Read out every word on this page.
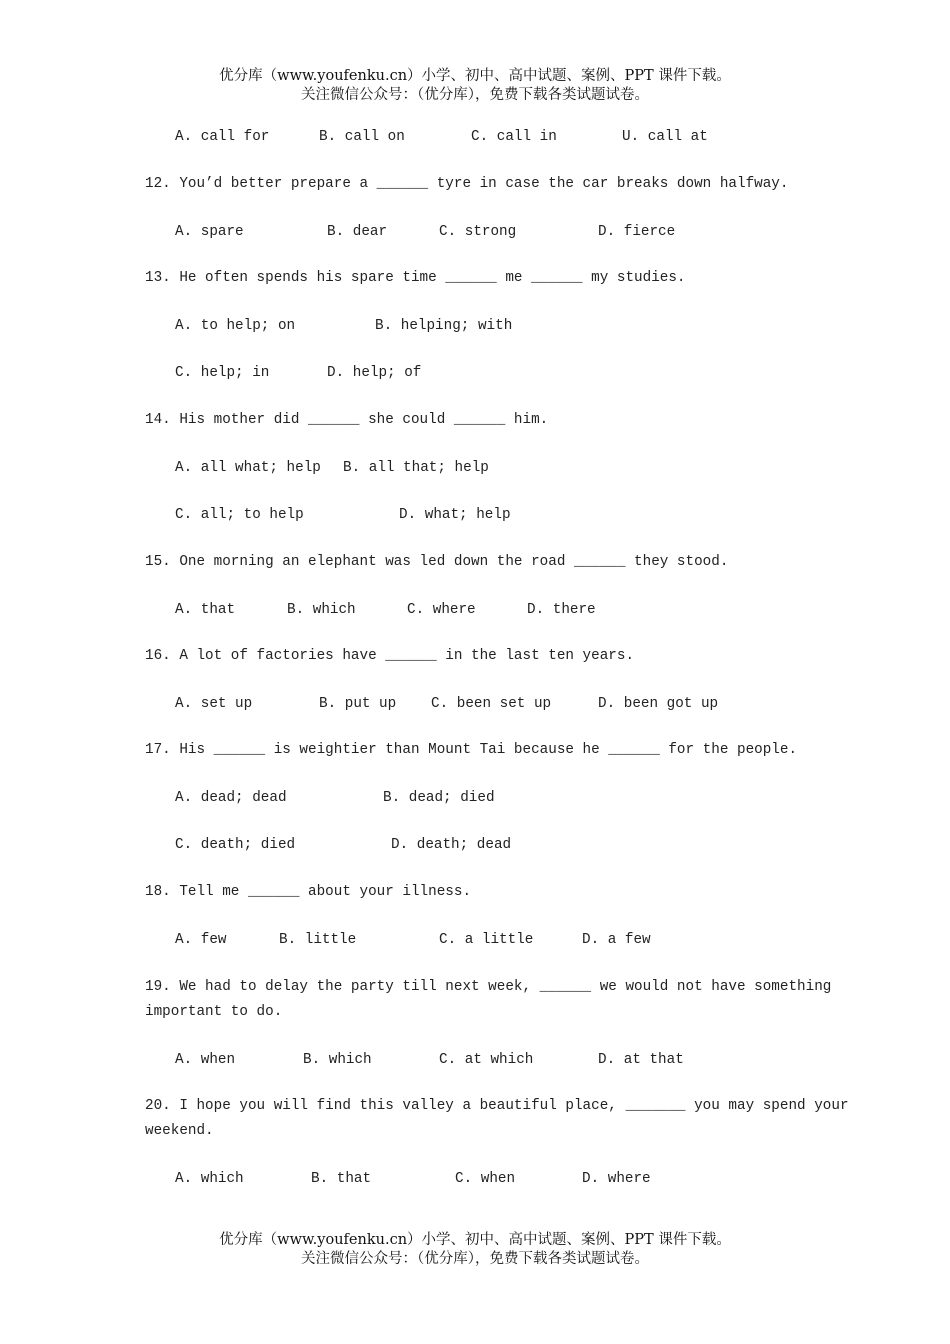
优分库（www.youfenku.cn）小学、初中、高中试题、案例、PPT 课件下载。
关注微信公众号：（优分库），免费下载各类试题试卷。
A. call for	B. call on	C. call in	U. call at
12. You’d better prepare a ______ tyre in case the car breaks down halfway.
A. spare	B. dear	C. strong	D. fierce
13. He often spends his spare time ______ me ______ my studies.
A. to help; on	B. helping; with
C. help; in	D. help; of
14. His mother did ______ she could ______ him.
A. all what; help B. all that; help
C. all; to help	D. what; help
15. One morning an elephant was led down the road ______ they stood.
A. that	B. which	C. where	D. there
16. A lot of factories have ______ in the last ten years.
A. set up	B. put up C. been set up	D. been got up
17. His ______ is weightier than Mount Tai because he ______ for the people.
A. dead; dead	B. dead; died
C. death; died	D. death; dead
18. Tell me ______ about your illness.
A. few	B. little	C. a little	D. a few
19. We had to delay the party till next week, ______ we would not have something
important to do.
A. when	B. which	C. at which	D. at that
20. I hope you will find this valley a beautiful place, _______ you may spend your
weekend.
A. which	B. that	C. when	D. where
优分库（www.youfenku.cn）小学、初中、高中试题、案例、PPT 课件下载。
关注微信公众号：（优分库），免费下载各类试题试卷。
